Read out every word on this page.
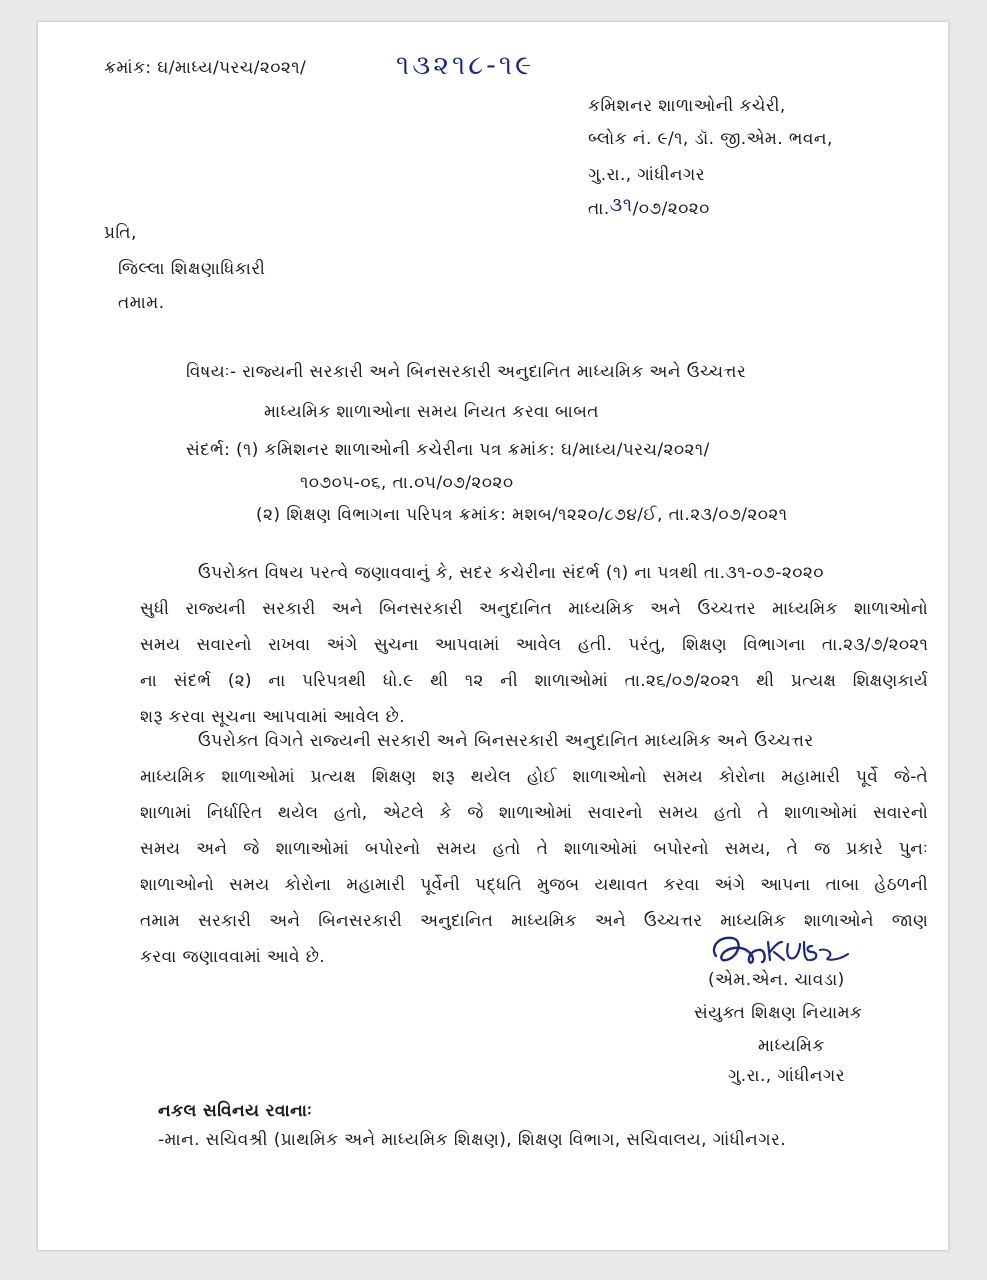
ક્રમાંક: ઘ/માધ્ય/પરચ/૨૦૨૧/	૧૩૨૧૮-૧૯
કમિશનર શાળાઓની કચેરી,
બ્લોક નં. ૯/૧, ડૉ. જી.એમ. ભવન,
ગુ.રા., ગાંધીનગર
તા.૩૧/૦૭/૨૦૨૦
પ્રતિ,
જિલ્લા શિક્ષણાધિકારી
તમામ.
વિષયઃ- રાજ્યની સરકારી અને બિનસરકારી અનુદાનિત માધ્યમિક અને ઉચ્ચત્તર
માધ્યમિક શાળાઓના સમય નિયત કરવા બાબત
સંદર્ભ: (૧) કમિશનર શાળાઓની કચેરીના પત્ર ક્રમાંક: ઘ/માધ્ય/પરચ/૨૦૨૧/
૧૦૭૦૫-૦૬, તા.૦૫/૦૭/૨૦૨૦
(૨) શિક્ષણ વિભાગના પરિપત્ર ક્રમાંક: મશબ/૧૨૨૦/૮૭૪/ઈ, તા.૨૩/૦૭/૨૦૨૧
ઉપરોક્ત વિષય પરત્વે જણાવવાનું કે, સદર કચેરીના સંદર્ભ (૧) ના પત્રથી તા.૩૧-૦૭-૨૦૨૦
સુધી રાજ્યની સરકારી અને બિનસરકારી અનુદાનિત માધ્યમિક અને ઉચ્ચત્તર માધ્યમિક શાળાઓનો
સમય સવારનો રાખવા અંગે સુચના આપવામાં આવેલ હતી. પરંતુ, શિક્ષણ વિભાગના તા.૨૩/૭/૨૦૨૧
ના સંદર્ભ (૨) ના પરિપત્રથી ધો.૯ થી ૧૨ ની શાળાઓમાં તા.૨૬/૦૭/૨૦૨૧ થી પ્રત્યક્ષ શિક્ષણકાર્ય
શરૂ કરવા સૂચના આપવામાં આવેલ છે.
ઉપરોક્ત વિગતે રાજ્યની સરકારી અને બિનસરકારી અનુદાનિત માધ્યમિક અને ઉચ્ચત્તર
માધ્યમિક શાળાઓમાં પ્રત્યક્ષ શિક્ષણ શરૂ થયેલ હોઈ શાળાઓનો સમય કોરોના મહામારી પૂર્વે જે-તે
શાળામાં નિર્ધારિત થયેલ હતો, એટલે કે જે શાળાઓમાં સવારનો સમય હતો તે શાળાઓમાં સવારનો
સમય અને જે શાળાઓમાં બપોરનો સમય હતો તે શાળાઓમાં બપોરનો સમય, તે જ પ્રકારે પુનઃ
શાળાઓનો સમય કોરોના મહામારી પૂર્વેની પદ્ધતિ મુજબ યથાવત કરવા અંગે આપના તાબા હેઠળની
તમામ સરકારી અને બિનસરકારી અનુદાનિત માધ્યમિક અને ઉચ્ચત્તર માધ્યમિક શાળાઓને જાણ
કરવા જણાવવામાં આવે છે.
(એમ.એન. ચાવડા)
સંયુક્ત શિક્ષણ નિયામક
માધ્યમિક
ગુ.રા., ગાંધીનગર
નકલ સવિનય રવાનાઃ
-માન. સચિવશ્રી (પ્રાથમિક અને માધ્યમિક શિક્ષણ), શિક્ષણ વિભાગ, સચિવાલય, ગાંધીનગર.
